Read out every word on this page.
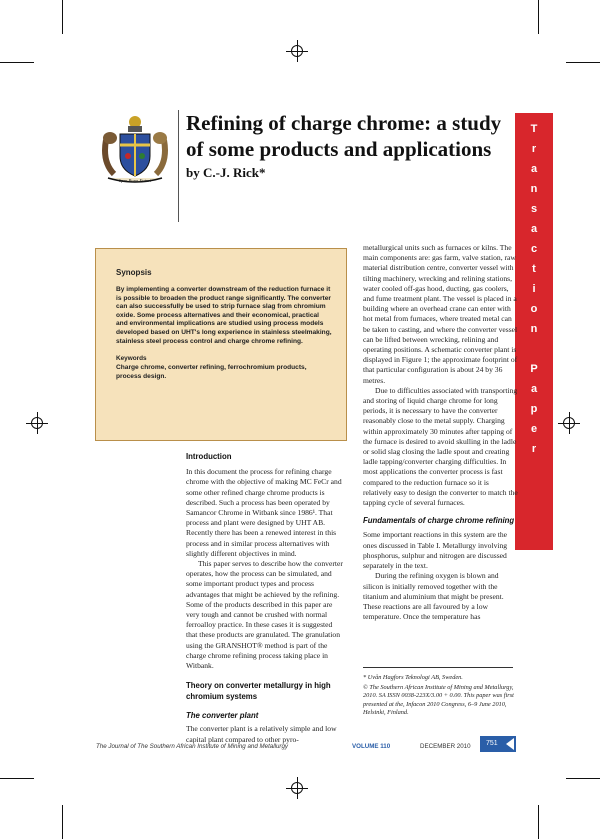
Spes Bona Futuri
Refining of charge chrome: a study of some products and applications
by C.-J. Rick*
T
r
a
n
s
a
c
t
i
o
n
P
a
p
e
r
Synopsis
By implementing a converter downstream of the reduction furnace it is possible to broaden the product range significantly. The converter can also successfully be used to strip furnace slag from chromium oxide. Some process alternatives and their economical, practical and environmental implications are studied using process models developed based on UHT's long experience in stainless steelmaking, stainless steel process control and charge chrome refining.
Keywords
Charge chrome, converter refining, ferrochromium products, process design.
Introduction

In this document the process for refining charge chrome with the objective of making MC FeCr and some other refined charge chrome products is described. Such a process has been operated by Samancor Chrome in Witbank since 1986¹. That process and plant were designed by UHT AB. Recently there has been a renewed interest in this process and in similar process alternatives with slightly different objectives in mind.

This paper serves to describe how the converter operates, how the process can be simulated, and some important product types and process advantages that might be achieved by the refining. Some of the products described in this paper are very tough and cannot be crushed with normal ferroalloy practice. In these cases it is suggested that these products are granulated. The granulation using the GRANSHOT® method is part of the charge chrome refining process taking place in Witbank.

Theory on converter metallurgy in high chromium systems
The converter plant

The converter plant is a relatively simple and low capital plant compared to other pyro-

metallurgical units such as furnaces or kilns. The main components are: gas farm, valve station, raw material distribution centre, converter vessel with tilting machinery, wrecking and relining stations, water cooled off-gas hood, ducting, gas coolers, and fume treatment plant. The vessel is placed in a building where an overhead crane can enter with hot metal from furnaces, where treated metal can be taken to casting, and where the converter vessel can be lifted between wrecking, relining and operating positions. A schematic converter plant is displayed in Figure 1; the approximate footprint of that particular configuration is about 24 by 36 metres.

Due to difficulties associated with transporting and storing of liquid charge chrome for long periods, it is necessary to have the converter reasonably close to the metal supply. Charging within approximately 30 minutes after tapping of the furnace is desired to avoid skulling in the ladle or solid slag closing the ladle spout and creating ladle tapping/converter charging difficulties. In most applications the converter process is fast compared to the reduction furnace so it is relatively easy to design the converter to match the tapping cycle of several furnaces.

Fundamentals of charge chrome refining

Some important reactions in this system are the ones discussed in Table I. Metallurgy involving phosphorus, sulphur and nitrogen are discussed separately in the text.

During the refining oxygen is blown and silicon is initially removed together with the titanium and aluminium that might be present. These reactions are all favoured by a low temperature. Once the temperature has

* Uvån Hagfors Teknologi AB, Sweden.
© The Southern African Institute of Mining and Metallurgy, 2010. SA ISSN 0038-223X/3.00 + 0.00. This paper was first presented at the, Infacon 2010 Congress, 6–9 June 2010, Helsinki, Finland.
The Journal of The Southern African Institute of Mining and Metallurgy	VOLUME 110	DECEMBER 2010 751
